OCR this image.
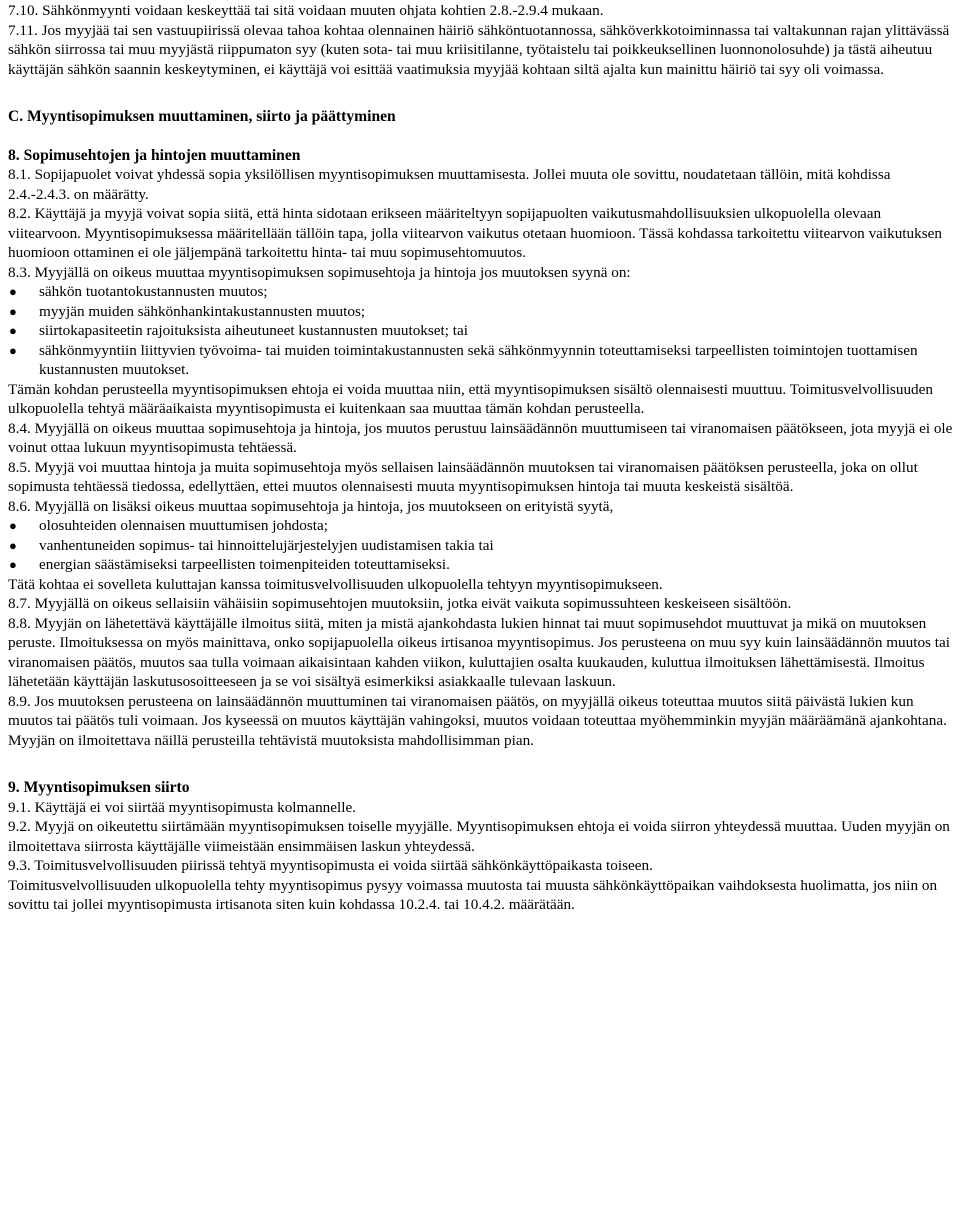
7.10. Sähkönmyynti voidaan keskeyttää tai sitä voidaan muuten ohjata kohtien 2.8.-2.9.4 mukaan.

7.11. Jos myyjää tai sen vastuupiirissä olevaa tahoa kohtaa olennainen häiriö sähköntuotannossa, sähköverkkotoiminnassa tai valtakunnan rajan ylittävässä sähkön siirrossa tai muu myyjästä riippumaton syy (kuten sota- tai muu kriisitilanne, työtaistelu tai poikkeuksellinen luonnonolosuhde) ja tästä aiheutuu käyttäjän sähkön saannin keskeytyminen, ei käyttäjä voi esittää vaatimuksia myyjää kohtaan siltä ajalta kun mainittu häiriö tai syy oli voimassa.

C. Myyntisopimuksen muuttaminen, siirto ja päättyminen

8. Sopimusehtojen ja hintojen muuttaminen

8.1. Sopijapuolet voivat yhdessä sopia yksilöllisen myyntisopimuksen muuttamisesta. Jollei muuta ole sovittu, noudatetaan tällöin, mitä kohdissa 2.4.-2.4.3. on määrätty.

8.2. Käyttäjä ja myyjä voivat sopia siitä, että hinta sidotaan erikseen määriteltyyn sopijapuolten vaikutusmahdollisuuksien ulkopuolella olevaan viitearvoon. Myyntisopimuksessa määritellään tällöin tapa, jolla viitearvon vaikutus otetaan huomioon. Tässä kohdassa tarkoitettu viitearvon vaikutuksen huomioon ottaminen ei ole jäljempänä tarkoitettu hinta- tai muu sopimusehtomuutos.

8.3. Myyjällä on oikeus muuttaa myyntisopimuksen sopimusehtoja ja hintoja jos muutoksen syynä on:

● sähkön tuotantokustannusten muutos;
● myyjän muiden sähkönhankintakustannusten muutos;
● siirtokapasiteetin rajoituksista aiheutuneet kustannusten muutokset; tai
● sähkönmyyntiin liittyvien työvoima- tai muiden toimintakustannusten sekä sähkönmyynnin toteuttamiseksi tarpeellisten toimintojen tuottamisen kustannusten muutokset.

Tämän kohdan perusteella myyntisopimuksen ehtoja ei voida muuttaa niin, että myyntisopimuksen sisältö olennaisesti muuttuu. Toimitusvelvollisuuden ulkopuolella tehtyä määräaikaista myyntisopimusta ei kuitenkaan saa muuttaa tämän kohdan perusteella.

8.4. Myyjällä on oikeus muuttaa sopimusehtoja ja hintoja, jos muutos perustuu lainsäädännön muuttumiseen tai viranomaisen päätökseen, jota myyjä ei ole voinut ottaa lukuun myyntisopimusta tehtäessä.

8.5. Myyjä voi muuttaa hintoja ja muita sopimusehtoja myös sellaisen lainsäädännön muutoksen tai viranomaisen päätöksen perusteella, joka on ollut sopimusta tehtäessä tiedossa, edellyttäen, ettei muutos olennaisesti muuta myyntisopimuksen hintoja tai muuta keskeistä sisältöä.

8.6. Myyjällä on lisäksi oikeus muuttaa sopimusehtoja ja hintoja, jos muutokseen on erityistä syytä,

● olosuhteiden olennaisen muuttumisen johdosta;
● vanhentuneiden sopimus- tai hinnoittelujärjestelyjen uudistamisen takia tai
● energian säästämiseksi tarpeellisten toimenpiteiden toteuttamiseksi.

Tätä kohtaa ei sovelleta kuluttajan kanssa toimitusvelvollisuuden ulkopuolella tehtyyn myyntisopimukseen.

8.7. Myyjällä on oikeus sellaisiin vähäisiin sopimusehtojen muutoksiin, jotka eivät vaikuta sopimussuhteen keskeiseen sisältöön.

8.8. Myyjän on lähetettävä käyttäjälle ilmoitus siitä, miten ja mistä ajankohdasta lukien hinnat tai muut sopimusehdot muuttuvat ja mikä on muutoksen peruste. Ilmoituksessa on myös mainittava, onko sopijapuolella oikeus irtisanoa myyntisopimus. Jos perusteena on muu syy kuin lainsäädännön muutos tai viranomaisen päätös, muutos saa tulla voimaan aikaisintaan kahden viikon, kuluttajien osalta kuukauden, kuluttua ilmoituksen lähettämisestä. Ilmoitus lähetetään käyttäjän laskutusosoitteeseen ja se voi sisältyä esimerkiksi asiakkaalle tulevaan laskuun.

8.9. Jos muutoksen perusteena on lainsäädännön muuttuminen tai viranomaisen päätös, on myyjällä oikeus toteuttaa muutos siitä päivästä lukien kun muutos tai päätös tuli voimaan. Jos kyseessä on muutos käyttäjän vahingoksi, muutos voidaan toteuttaa myöhemminkin myyjän määräämänä ajankohtana. Myyjän on ilmoitettava näillä perusteilla tehtävistä muutoksista mahdollisimman pian.

9. Myyntisopimuksen siirto

9.1. Käyttäjä ei voi siirtää myyntisopimusta kolmannelle.

9.2. Myyjä on oikeutettu siirtämään myyntisopimuksen toiselle myyjälle. Myyntisopimuksen ehtoja ei voida siirron yhteydessä muuttaa. Uuden myyjän on ilmoitettava siirrosta käyttäjälle viimeistään ensimmäisen laskun yhteydessä.

9.3. Toimitusvelvollisuuden piirissä tehtyä myyntisopimusta ei voida siirtää sähkönkäyttöpaikasta toiseen.

Toimitusvelvollisuuden ulkopuolella tehty myyntisopimus pysyy voimassa muutosta tai muusta sähkönkäyttöpaikan vaihdoksesta huolimatta, jos niin on sovittu tai jollei myyntisopimusta irtisanota siten kuin kohdassa 10.2.4. tai 10.4.2. määrätään.
